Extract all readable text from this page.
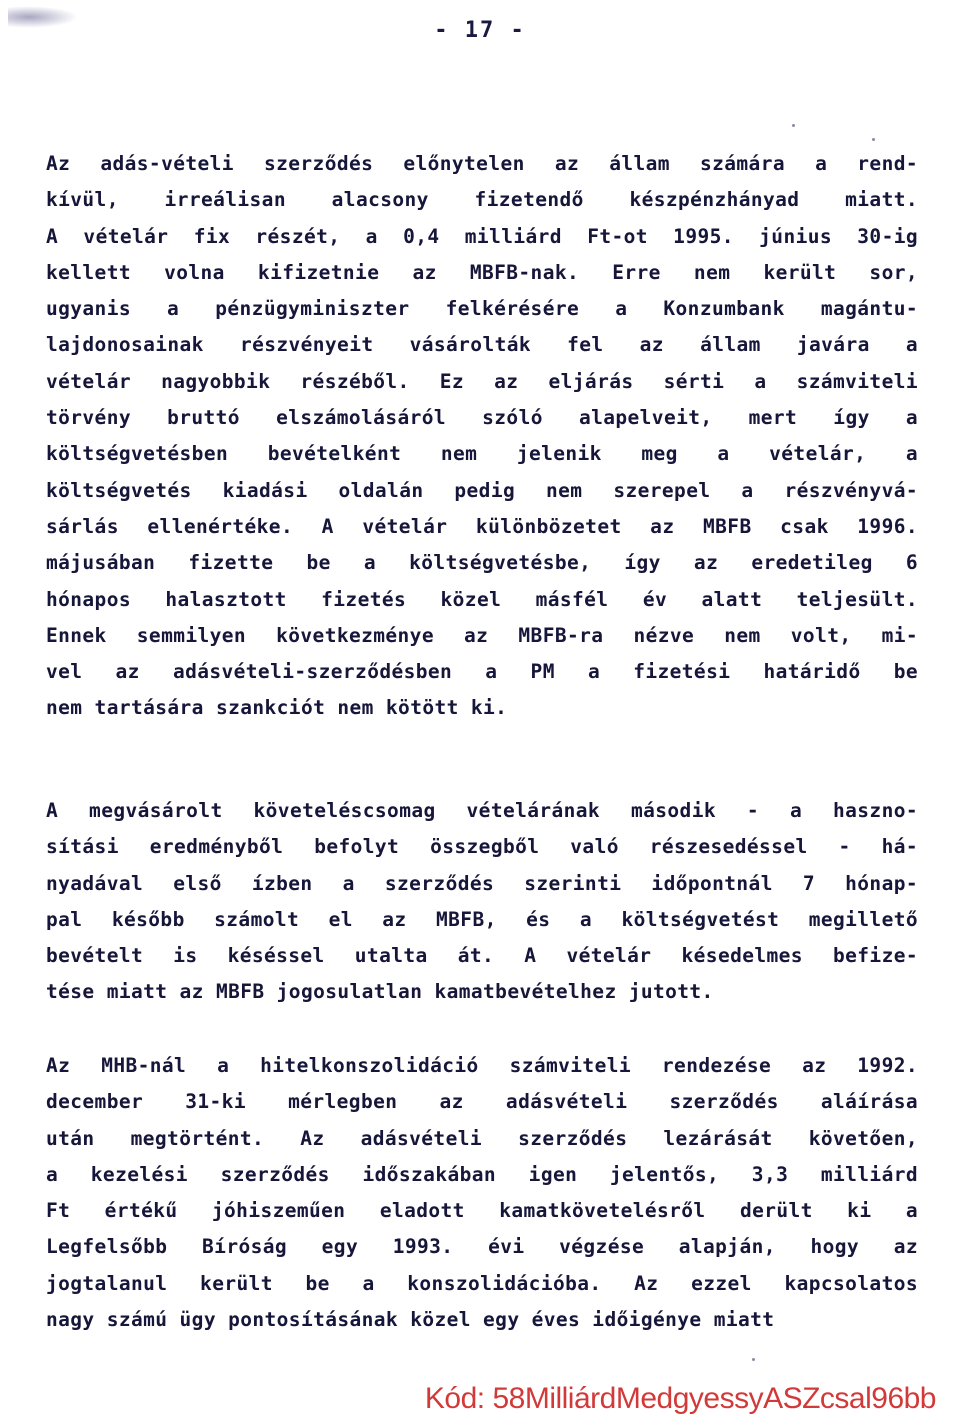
- 17 -
Az adás-vételi szerződés előnytelen az állam számára a rend-
kívül, irreálisan alacsony fizetendő készpénzhányad miatt.
A vételár fix részét, a 0,4 milliárd Ft-ot 1995. június 30-ig
kellett volna kifizetnie az MBFB-nak. Erre nem került sor,
ugyanis a pénzügyminiszter felkérésére a Konzumbank magántu-
lajdonosainak részvényeit vásárolták fel az állam javára a
vételár nagyobbik részéből. Ez az eljárás sérti a számviteli
törvény bruttó elszámolásáról szóló alapelveit, mert így a
költségvetésben bevételként nem jelenik meg a vételár, a
költségvetés kiadási oldalán pedig nem szerepel a részvényvá-
sárlás ellenértéke. A vételár különbözetet az MBFB csak 1996.
májusában fizette be a költségvetésbe, így az eredetileg 6
hónapos halasztott fizetés közel másfél év alatt teljesült.
Ennek semmilyen következménye az MBFB-ra nézve nem volt, mi-
vel az adásvételi-szerződésben a PM a fizetési határidő be
nem tartására szankciót nem kötött ki.
A megvásárolt követeléscsomag vételárának második - a haszno-
sítási eredményből befolyt összegből való részesedéssel - há-
nyadával első ízben a szerződés szerinti időpontnál 7 hónap-
pal később számolt el az MBFB, és a költségvetést megillető
bevételt is késéssel utalta át. A vételár késedelmes befize-
tése miatt az MBFB jogosulatlan kamatbevételhez jutott.
Az MHB-nál a hitelkonszolidáció számviteli rendezése az 1992.
december 31-ki mérlegben az adásvételi szerződés aláírása
után megtörtént. Az adásvételi szerződés lezárását követően,
a kezelési szerződés időszakában igen jelentős, 3,3 milliárd
Ft értékű jóhiszeműen eladott kamatkövetelésről derült ki a
Legfelsőbb Bíróság egy 1993. évi végzése alapján, hogy az
jogtalanul került be a konszolidációba. Az ezzel kapcsolatos
nagy számú ügy pontosításának közel egy éves időigénye miatt
Kód: 58MilliárdMedgyessyASZcsal96bb
